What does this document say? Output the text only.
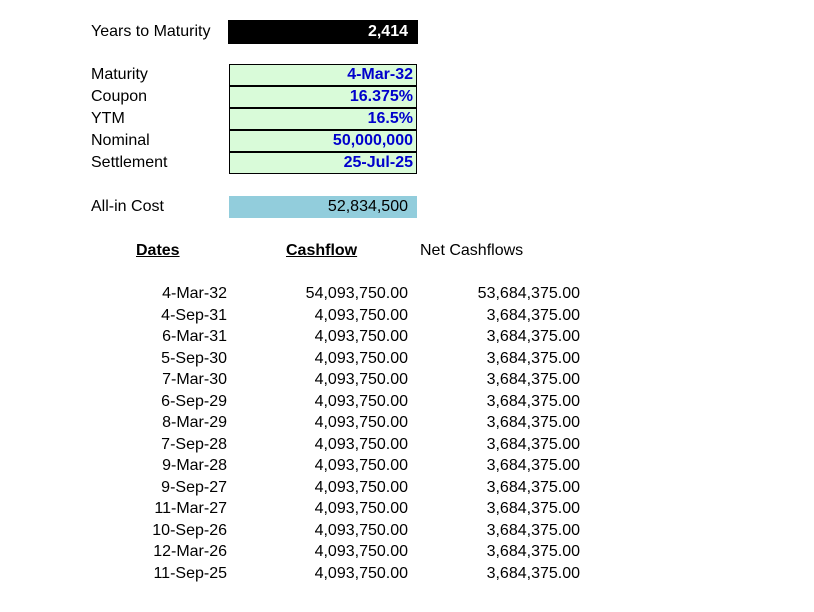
Years to Maturity	2,414
Maturity	4-Mar-32
Coupon	16.375%
YTM	16.5%
Nominal	50,000,000
Settlement	25-Jul-25
All-in Cost	52,834,500
Dates	Cashflow	Net Cashflows
4-Mar-32	54,093,750.00	53,684,375.00
4-Sep-31	4,093,750.00	3,684,375.00
6-Mar-31	4,093,750.00	3,684,375.00
5-Sep-30	4,093,750.00	3,684,375.00
7-Mar-30	4,093,750.00	3,684,375.00
6-Sep-29	4,093,750.00	3,684,375.00
8-Mar-29	4,093,750.00	3,684,375.00
7-Sep-28	4,093,750.00	3,684,375.00
9-Mar-28	4,093,750.00	3,684,375.00
9-Sep-27	4,093,750.00	3,684,375.00
11-Mar-27	4,093,750.00	3,684,375.00
10-Sep-26	4,093,750.00	3,684,375.00
12-Mar-26	4,093,750.00	3,684,375.00
11-Sep-25	4,093,750.00	3,684,375.00
